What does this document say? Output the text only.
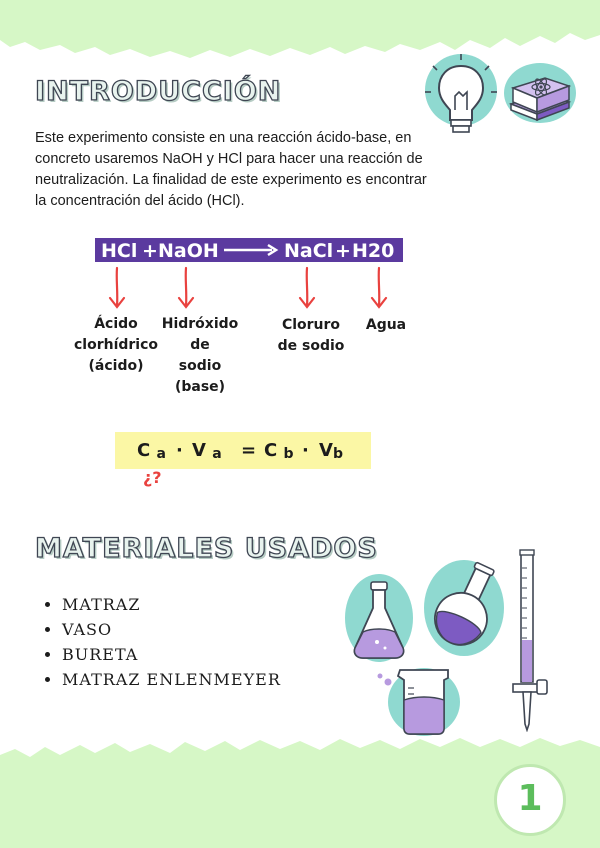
INTRODUCCIÓN
Este experimento consiste en una reacción ácido-base, en concreto usaremos NaOH y HCl para hacer una reacción de neutralización. La finalidad de este experimento es encontrar la concentración del ácido (HCl).
HCl + NaOH → NaCl + H20
Ácido
clorhídrico
(ácido)
Hidróxido
de
sodio
(base)
Cloruro
de sodio
Agua
C $_a$ · V $_a$ = C $_b \cdot V_b$
¿?
MATERIALES USADOS
• MATRAZ
• VASO
• BURETA
• MATRAZ ENLENMEYER
1
